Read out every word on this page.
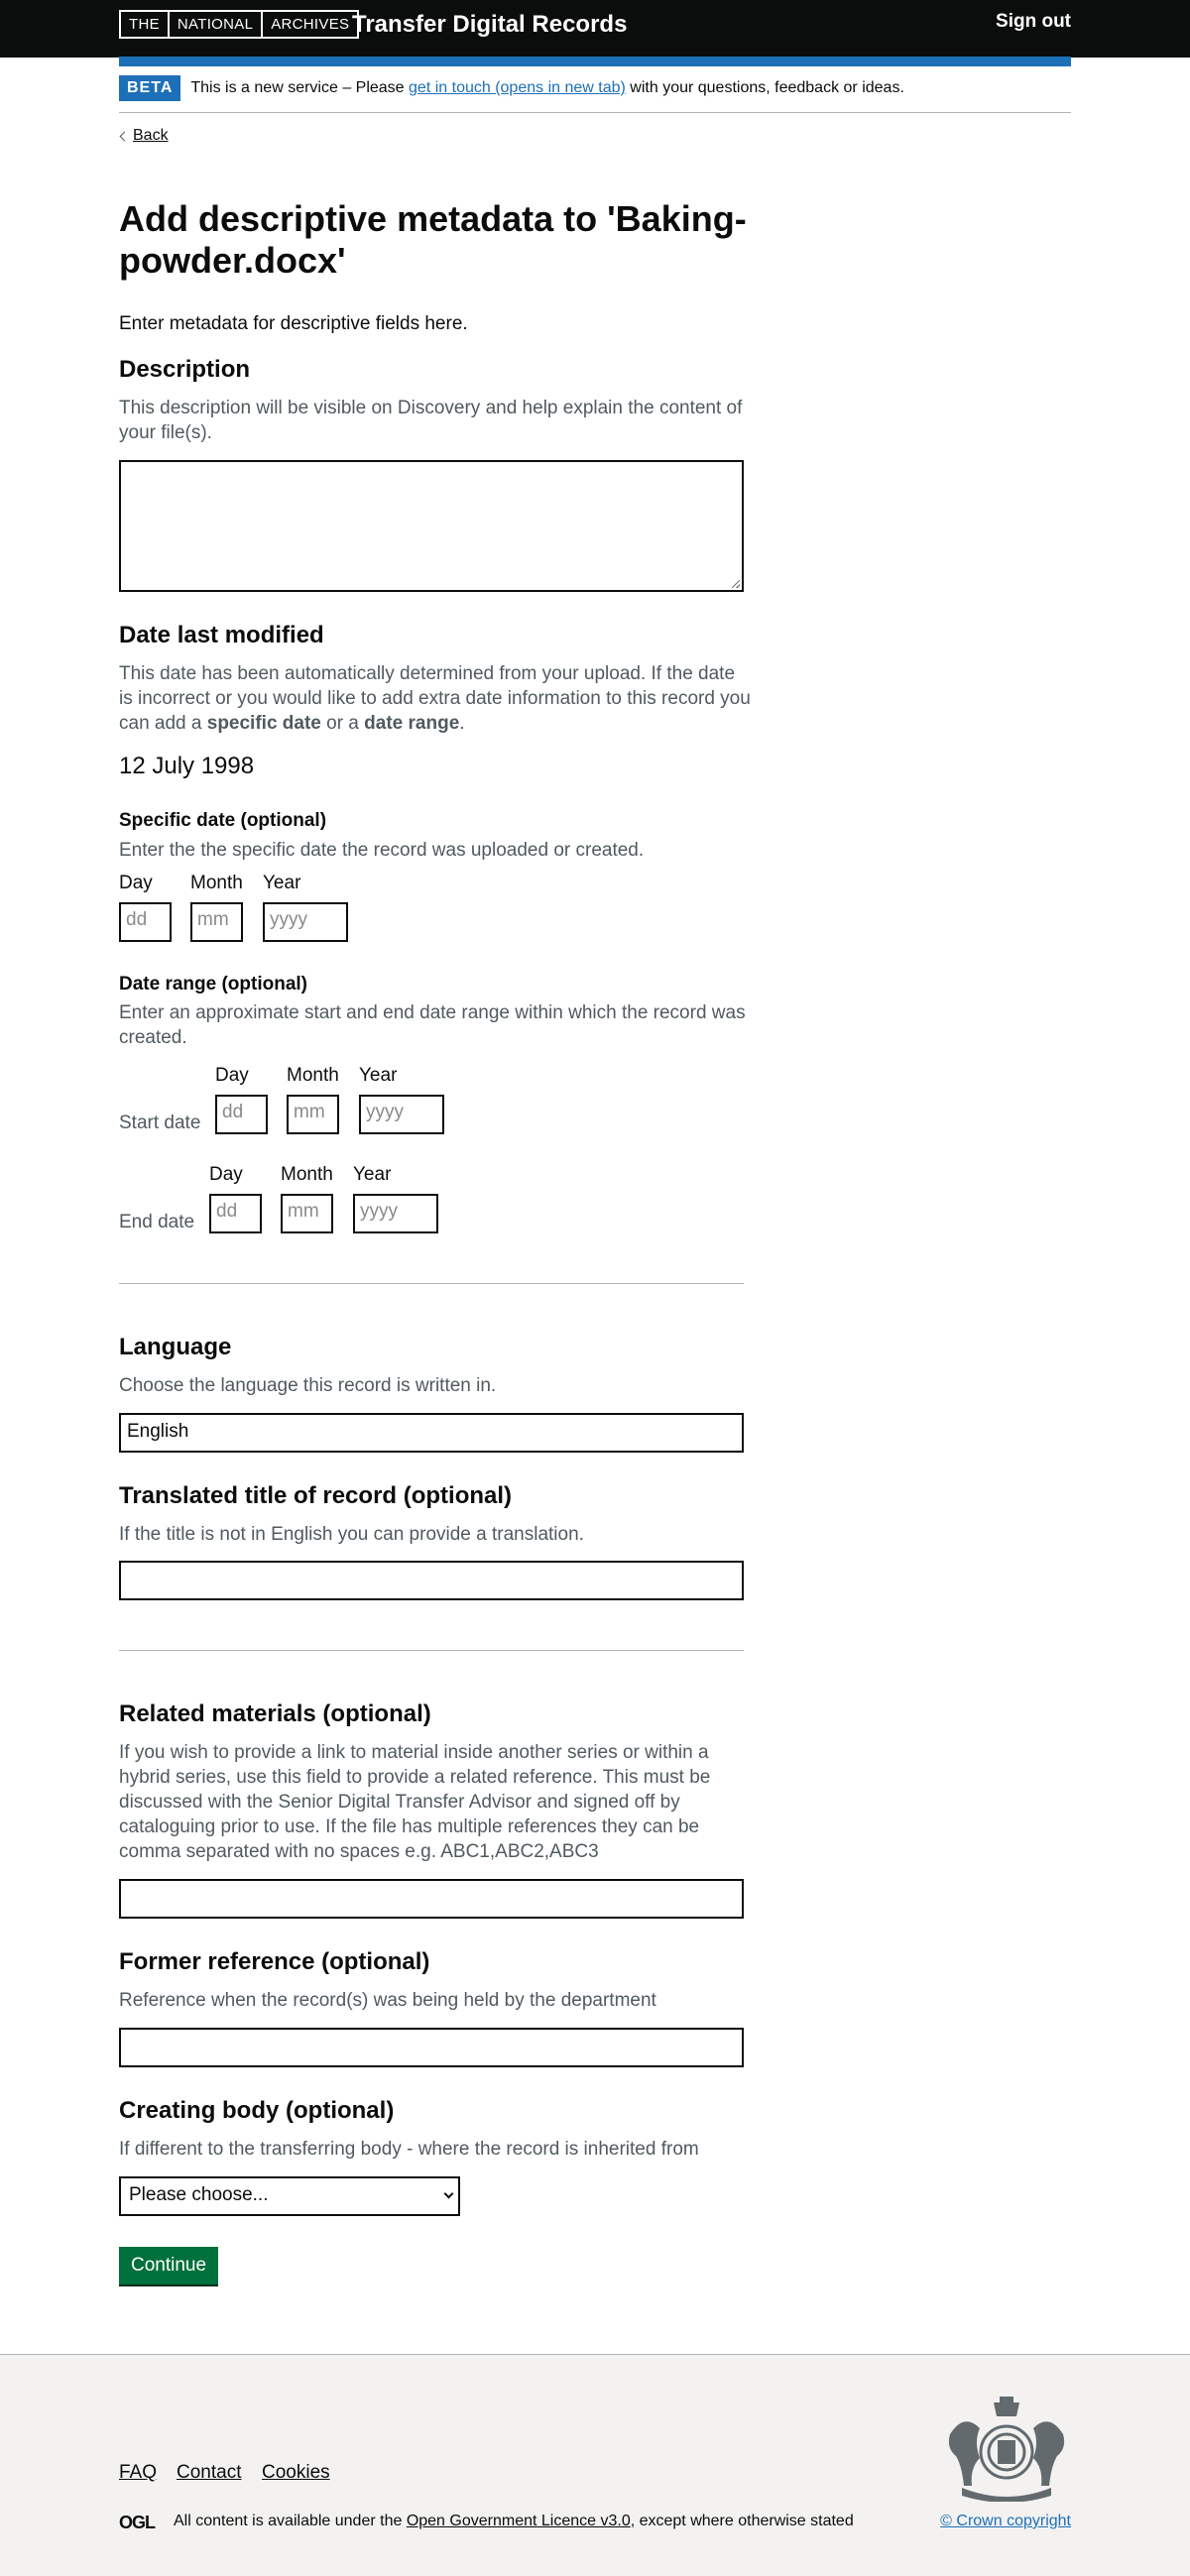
THE	NATIONAL	ARCHIVES Transfer Digital Records	Sign out
BETA	This is a new service – Please get in touch (opens in new tab) with your questions, feedback or ideas.
Back
Add descriptive metadata to 'Baking-powder.docx'
Enter metadata for descriptive fields here.
Description
This description will be visible on Discovery and help explain the content of your file(s).
Date last modified
This date has been automatically determined from your upload. If the date is incorrect or you would like to add extra date information to this record you can add a specific date or a date range.
12 July 1998
Specific date (optional)
Enter the the specific date the record was uploaded or created.
Day Month Year
dd	mm	yyyy
Date range (optional)
Enter an approximate start and end date range within which the record was created.
Start date
Day Month Year
dd	mm	yyyy
End date
Day Month Year
dd	mm	yyyy
Language
Choose the language this record is written in.
English
Translated title of record (optional)
If the title is not in English you can provide a translation.
Related materials (optional)
If you wish to provide a link to material inside another series or within a hybrid series, use this field to provide a related reference. This must be discussed with the Senior Digital Transfer Advisor and signed off by cataloguing prior to use. If the file has multiple references they can be comma separated with no spaces e.g. ABC1,ABC2,ABC3
Former reference (optional)
Reference when the record(s) was being held by the department
Creating body (optional)
If different to the transferring body - where the record is inherited from
Please choose...
Continue
FAQ Contact Cookies
OGL All content is available under the Open Government Licence v3.0, except where otherwise stated	© Crown copyright
